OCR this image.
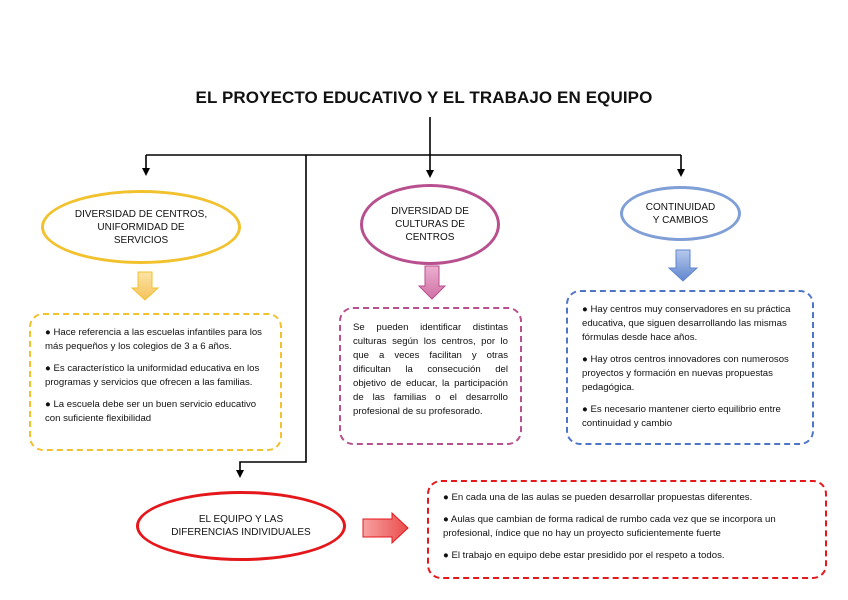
EL PROYECTO EDUCATIVO Y EL TRABAJO EN EQUIPO
DIVERSIDAD DE CENTROS,
UNIFORMIDAD DE
SERVICIOS

● Hace referencia a las escuelas infantiles para los más pequeños y los colegios de 3 a 6 años.

● Es característico la uniformidad educativa en los programas y servicios que ofrecen a las familias.

● La escuela debe ser un buen servicio educativo con suficiente flexibilidad

DIVERSIDAD DE
CULTURAS DE
CENTROS

Se pueden identificar distintas culturas según los centros, por lo que a veces facilitan y otras dificultan la consecución del objetivo de educar, la participación de las familias o el desarrollo profesional de su profesorado.

CONTINUIDAD
Y CAMBIOS

● Hay centros muy conservadores en su práctica educativa, que siguen desarrollando las mismas fórmulas desde hace años.

● Hay otros centros innovadores con numerosos proyectos y formación en nuevas propuestas pedagógica.

● Es necesario mantener cierto equilibrio entre continuidad y cambio

EL EQUIPO Y LAS
DIFERENCIAS INDIVIDUALES

● En cada una de las aulas se pueden desarrollar propuestas diferentes.

● Aulas que cambian de forma radical de rumbo cada vez que se incorpora un profesional, índice que no hay un proyecto suficientemente fuerte

● El trabajo en equipo debe estar presidido por el respeto a todos.
